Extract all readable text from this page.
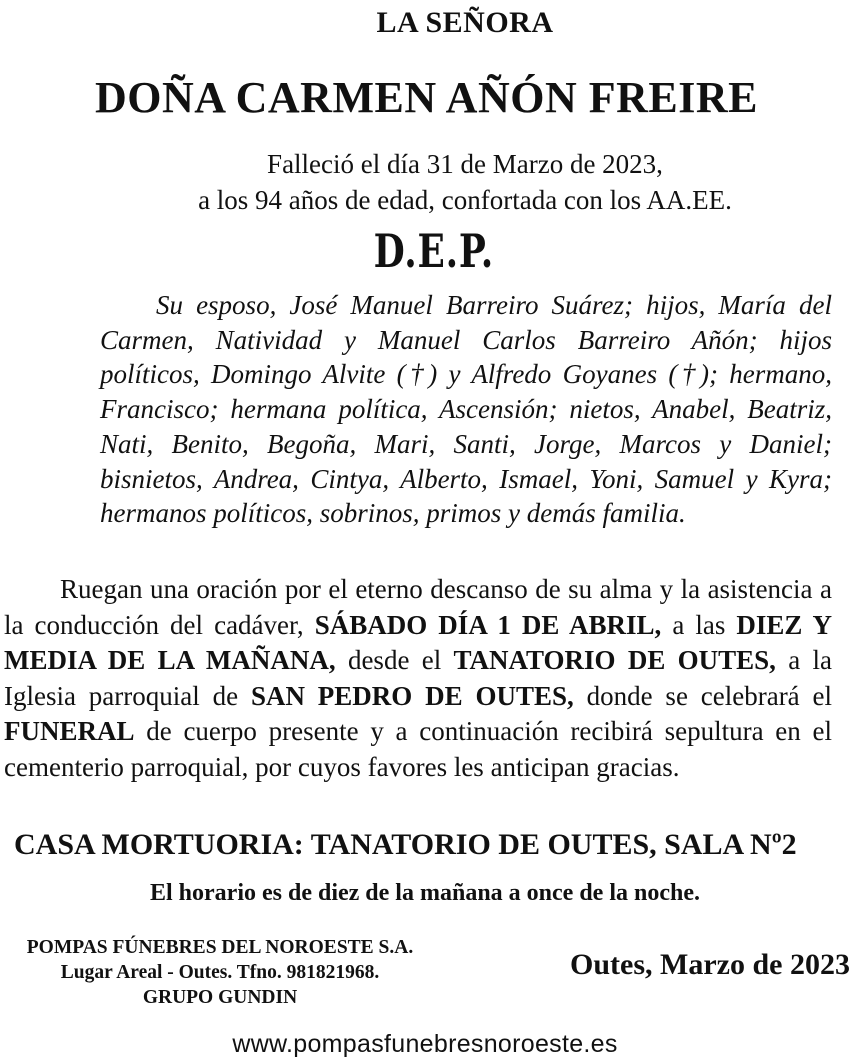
LA SEÑORA
DOÑA CARMEN AÑÓN FREIRE
Falleció el día 31 de Marzo de 2023,
a los 94 años de edad, confortada con los AA.EE.
D.E.P.
Su esposo, José Manuel Barreiro Suárez; hijos, María del Carmen, Natividad y Manuel Carlos Barreiro Añón; hijos políticos, Domingo Alvite (†) y Alfredo Goyanes (†); hermano, Francisco; hermana política, Ascensión; nietos, Anabel, Beatriz, Nati, Benito, Begoña, Mari, Santi, Jorge, Marcos y Daniel; bisnietos, Andrea, Cintya, Alberto, Ismael, Yoni, Samuel y Kyra; hermanos políticos, sobrinos, primos y demás familia.
Ruegan una oración por el eterno descanso de su alma y la asistencia a la conducción del cadáver, SÁBADO DÍA 1 DE ABRIL, a las DIEZ Y MEDIA DE LA MAÑANA, desde el TANATORIO DE OUTES, a la Iglesia parroquial de SAN PEDRO DE OUTES, donde se celebrará el FUNERAL de cuerpo presente y a continuación recibirá sepultura en el cementerio parroquial, por cuyos favores les anticipan gracias.
CASA MORTUORIA: TANATORIO DE OUTES, SALA Nº2
El horario es de diez de la mañana a once de la noche.
POMPAS FÚNEBRES DEL NOROESTE S.A.
Lugar Areal - Outes. Tfno. 981821968.
GRUPO GUNDIN
Outes, Marzo de 2023
www.pompasfunebresnoroeste.es
